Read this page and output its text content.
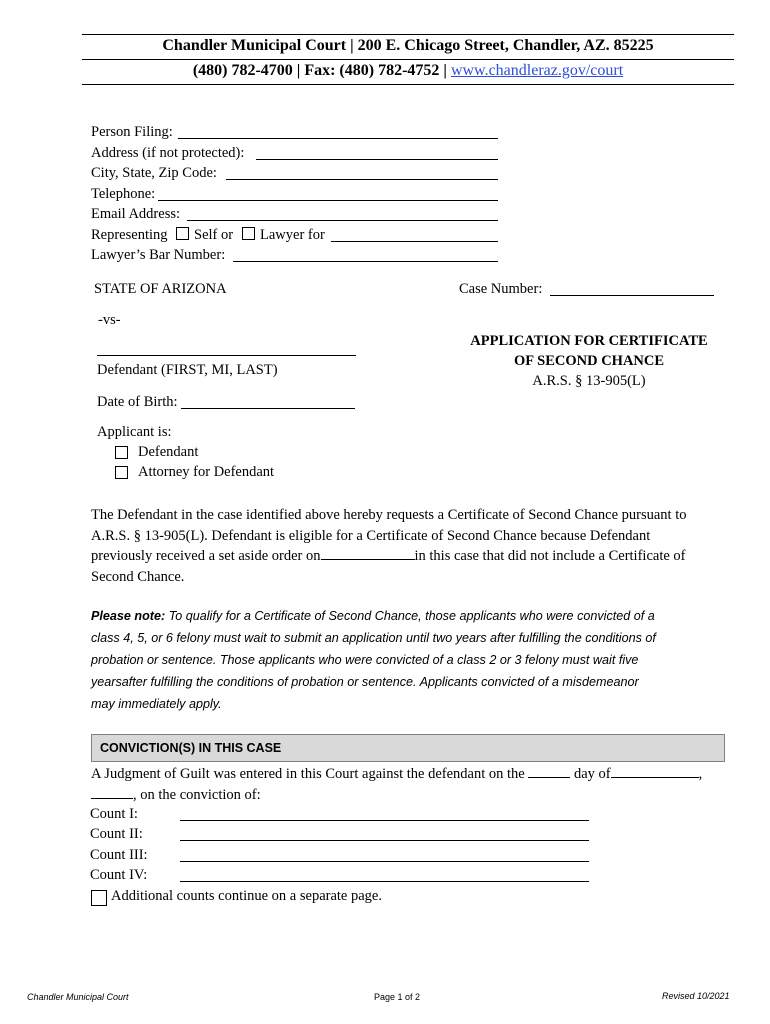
Chandler Municipal Court | 200 E. Chicago Street, Chandler, AZ. 85225
(480) 782-4700 | Fax: (480) 782-4752 | www.chandleraz.gov/court
Person Filing:
Address (if not protected):
City, State, Zip Code:
Telephone:
Email Address:
Representing Self or Lawyer for
Lawyer’s Bar Number:
STATE OF ARIZONA	Case Number:
-vs-
Defendant (FIRST, MI, LAST)
Date of Birth:
APPLICATION FOR CERTIFICATE
OF SECOND CHANCE
A.R.S. § 13-905(L)
Applicant is:
Defendant
Attorney for Defendant
The Defendant in the case identified above hereby requests a Certificate of Second Chance pursuant to
A.R.S. § 13-905(L). Defendant is eligible for a Certificate of Second Chance because Defendant
previously received a set aside order on	in this case that did not include a Certificate of
Second Chance.
Please note: To qualify for a Certificate of Second Chance, those applicants who were convicted of a
class 4, 5, or 6 felony must wait to submit an application until two years after fulfilling the conditions of
probation or sentence. Those applicants who were convicted of a class 2 or 3 felony must wait five
yearsafter fulfilling the conditions of probation or sentence. Applicants convicted of a misdemeanor
may immediately apply.
CONVICTION(S) IN THIS CASE
A Judgment of Guilt was entered in this Court against the defendant on the	day of	,
, on the conviction of:
Count I:
Count II:
Count III:
Count IV:
Additional counts continue on a separate page.
Chandler Municipal Court	Page 1 of 2	Revised 10/2021
